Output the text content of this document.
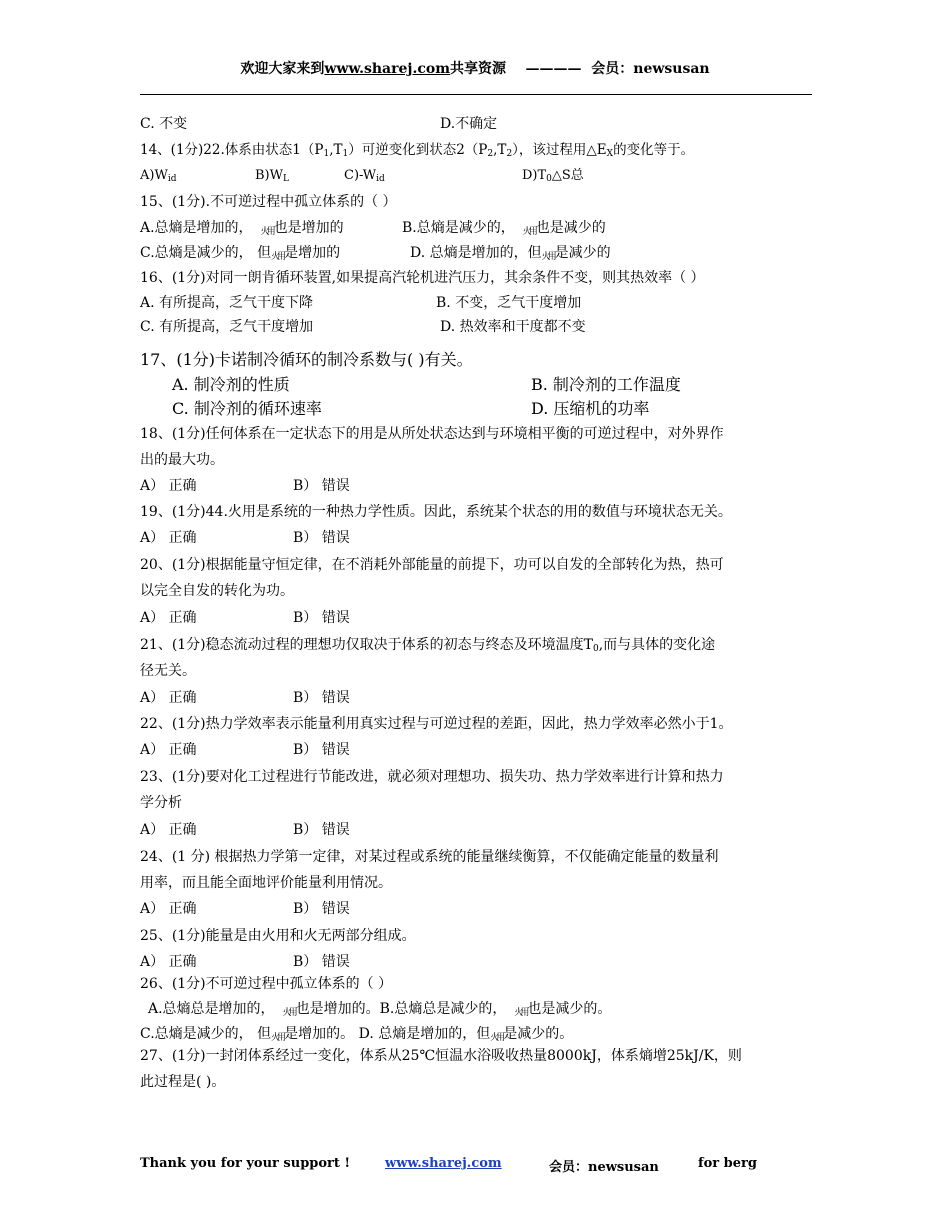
欢迎大家来到www.sharej.com共享资源 ———— 会员：newsusan
C. 不变	D.不确定
14、(1分)22.体系由状态$1(P_1,T_1)$可逆变化到状态$2(P_2,T_2)$，该过程用$\triangle E_X$的变化等于。
$A)W_{id}$	$B)W_L$	$C)-W_{id}$	$D)T_0\triangle S$总
15、(1分).不可逆过程中孤立体系的（ ）
A.总熵是增加的， 火用也是增加的	B.总熵是减少的， 火用也是减少的
C.总熵是减少的， 但火用是增加的	D. 总熵是增加的，但火用是减少的
16、(1分)对同一朗肯循环装置,如果提高汽轮机进汽压力，其余条件不变，则其热效率（ ）
A. 有所提高，乏气干度下降	B. 不变，乏气干度增加
C. 有所提高，乏气干度增加	D. 热效率和干度都不变
17、(1分)卡诺制冷循环的制冷系数与( )有关。
A. 制冷剂的性质	B. 制冷剂的工作温度
C. 制冷剂的循环速率	D. 压缩机的功率
18、(1分)任何体系在一定状态下的用是从所处状态达到与环境相平衡的可逆过程中，对外界作
出的最大功。
A） 正确	B） 错误
19、(1分)44.火用是系统的一种热力学性质。因此，系统某个状态的用的数值与环境状态无关。
A） 正确	B） 错误
20、(1分)根据能量守恒定律，在不消耗外部能量的前提下，功可以自发的全部转化为热，热可
以完全自发的转化为功。
A） 正确	B） 错误
21、(1分)稳态流动过程的理想功仅取决于体系的初态与终态及环境温度$T_0$,而与具体的变化途
径无关。
A） 正确	B） 错误
22、(1分)热力学效率表示能量利用真实过程与可逆过程的差距，因此，热力学效率必然小于1。
A） 正确	B） 错误
23、(1分)要对化工过程进行节能改进，就必须对理想功、损失功、热力学效率进行计算和热力
学分析
A） 正确	B） 错误
24、(1 分) 根据热力学第一定律，对某过程或系统的能量继续衡算，不仅能确定能量的数量利
用率，而且能全面地评价能量利用情况。
A） 正确	B） 错误
25、(1分)能量是由火用和火无两部分组成。
A） 正确	B） 错误
26、(1分)不可逆过程中孤立体系的（ ）
A.总熵总是增加的， 火用也是增加的。B.总熵总是减少的， 火用也是减少的。
C.总熵是减少的， 但火用是增加的。 D. 总熵是增加的，但火用是减少的。
27、(1分)一封闭体系经过一变化，体系从25℃恒温水浴吸收热量8000kJ，体系熵增25kJ/K，则
此过程是( )。
Thank you for your support !	www.sharej.com	会员：newsusan	for berg
